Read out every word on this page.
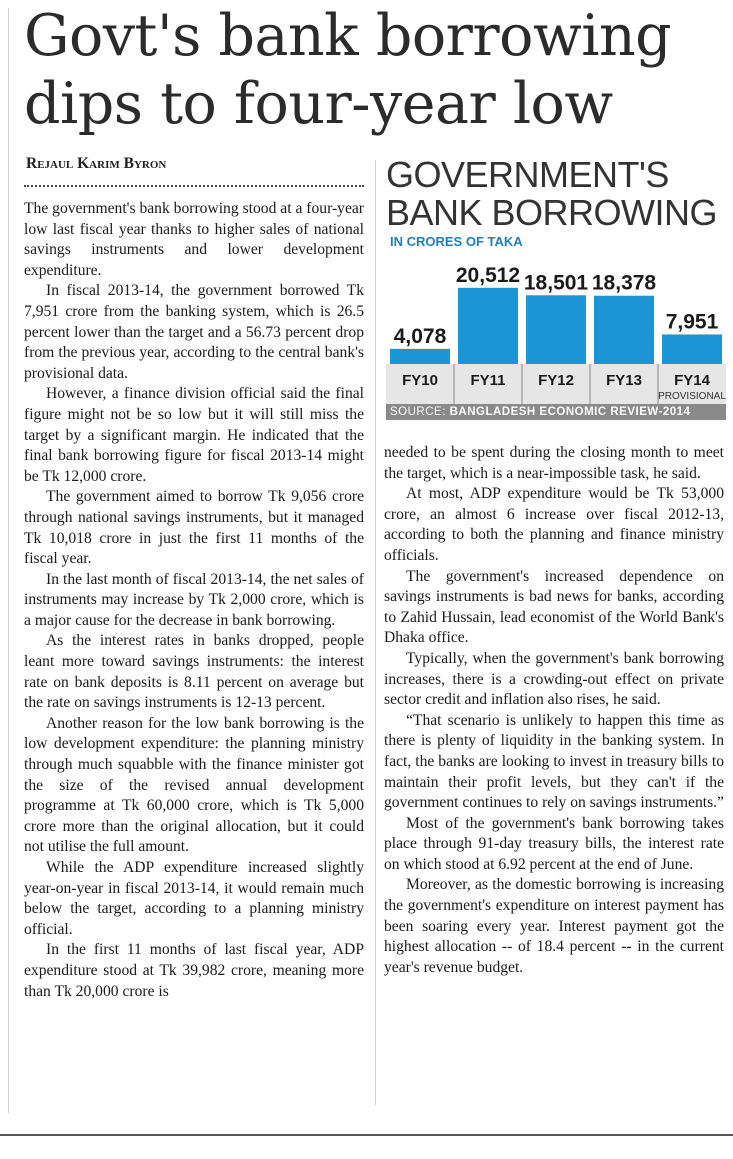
Govt's bank borrowing
dips to four-year low
Rejaul Karim Byron

The government's bank borrowing stood at a four-year low last fiscal year thanks to higher sales of national savings instruments and lower development expenditure.

In fiscal 2013-14, the government borrowed Tk 7,951 crore from the banking system, which is 26.5 percent lower than the target and a 56.73 percent drop from the previous year, according to the central bank's provisional data.

However, a finance division official said the final figure might not be so low but it will still miss the target by a significant margin. He indicated that the final bank borrowing figure for fiscal 2013-14 might be Tk 12,000 crore.

The government aimed to borrow Tk 9,056 crore through national savings instruments, but it managed Tk 10,018 crore in just the first 11 months of the fiscal year.

In the last month of fiscal 2013-14, the net sales of instruments may increase by Tk 2,000 crore, which is a major cause for the decrease in bank borrowing.

As the interest rates in banks dropped, people leant more toward savings instruments: the interest rate on bank deposits is 8.11 percent on average but the rate on savings instruments is 12-13 percent.

Another reason for the low bank borrowing is the low development expenditure: the planning ministry through much squabble with the finance minister got the size of the revised annual development programme at Tk 60,000 crore, which is Tk 5,000 crore more than the original allocation, but it could not utilise the full amount.

While the ADP expenditure increased slightly year-on-year in fiscal 2013-14, it would remain much below the target, according to a planning ministry official.

In the first 11 months of last fiscal year, ADP expenditure stood at Tk 39,982 crore, meaning more than Tk 20,000 crore is

needed to be spent during the closing month to meet the target, which is a near-impossible task, he said.

At most, ADP expenditure would be Tk 53,000 crore, an almost 6 increase over fiscal 2012-13, according to both the planning and finance ministry officials.

The government's increased dependence on savings instruments is bad news for banks, according to Zahid Hussain, lead economist of the World Bank's Dhaka office.

Typically, when the government's bank borrowing increases, there is a crowding-out effect on private sector credit and inflation also rises, he said.

“That scenario is unlikely to happen this time as there is plenty of liquidity in the banking system. In fact, the banks are looking to invest in treasury bills to maintain their profit levels, but they can't if the government continues to rely on savings instruments.”

Most of the government's bank borrowing takes place through 91-day treasury bills, the interest rate on which stood at 6.92 percent at the end of June.

Moreover, as the domestic borrowing is increasing the government's expenditure on interest payment has been soaring every year. Interest payment got the highest allocation -- of 18.4 percent -- in the current year's revenue budget.

GOVERNMENT'S
BANK BORROWING
IN CRORES OF TAKA
4,078
FY10
20,512
FY11
18,501
FY12
18,378
FY13
7,951
FY14
PROVISIONAL
SOURCE: BANGLADESH ECONOMIC REVIEW-2014
